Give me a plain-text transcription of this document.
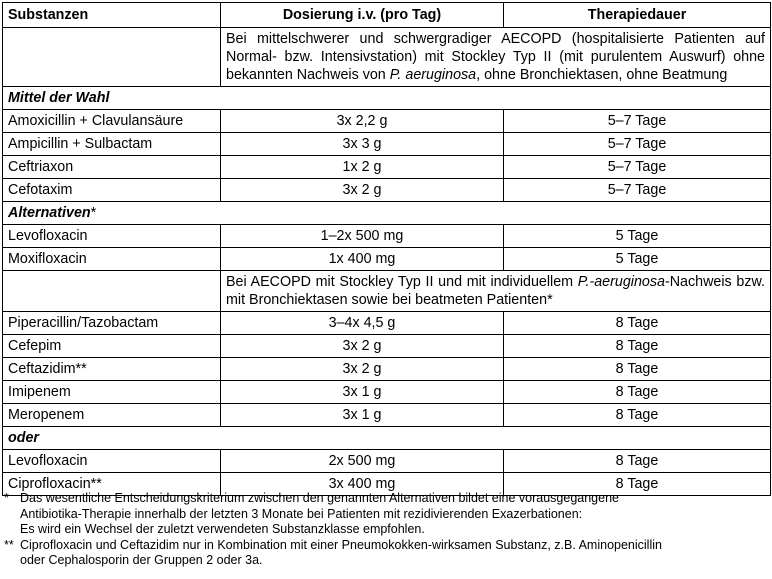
Substanzen	Dosierung i.v. (pro Tag)	Therapiedauer
	Bei mittelschwerer und schwergradiger AECOPD (hospitalisierte Patienten auf Normal- bzw. Intensivstation) mit Stockley Typ II (mit purulentem Auswurf) ohne bekannten Nachweis von P. aeruginosa, ohne Bronchiektasen, ohne Beatmung	
Mittel der Wahl		
Amoxicillin + Clavulansäure	3x 2,2 g	5–7 Tage
Ampicillin + Sulbactam	3x 3 g	5–7 Tage
Ceftriaxon	1x 2 g	5–7 Tage
Cefotaxim	3x 2 g	5–7 Tage
Alternativen*		
Levofloxacin	1–2x 500 mg	5 Tage
Moxifloxacin	1x 400 mg	5 Tage
	Bei AECOPD mit Stockley Typ II und mit individuellem P.-aeruginosa-Nachweis bzw. mit Bronchiektasen sowie bei beatmeten Patienten*	
Piperacillin/Tazobactam	3–4x 4,5 g	8 Tage
Cefepim	3x 2 g	8 Tage
Ceftazidim**	3x 2 g	8 Tage
Imipenem	3x 1 g	8 Tage
Meropenem	3x 1 g	8 Tage
oder		
Levofloxacin	2x 500 mg	8 Tage
Ciprofloxacin**	3x 400 mg	8 Tage
* Das wesentliche Entscheidungskriterium zwischen den genannten Alternativen bildet eine vorausgegangene
Antibiotika-Therapie innerhalb der letzten 3 Monate bei Patienten mit rezidivierenden Exazerbationen:
Es wird ein Wechsel der zuletzt verwendeten Substanzklasse empfohlen.
** Ciprofloxacin und Ceftazidim nur in Kombination mit einer Pneumokokken-wirksamen Substanz, z.B. Aminopenicillin
oder Cephalosporin der Gruppen 2 oder 3a.
